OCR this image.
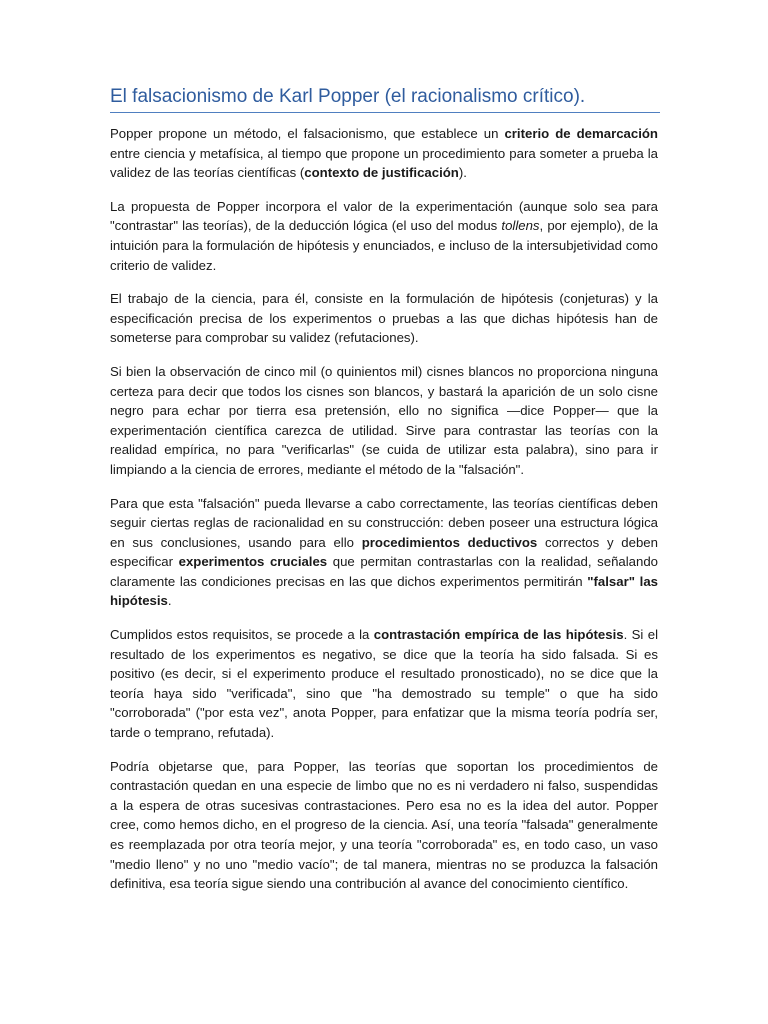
El falsacionismo de Karl Popper (el racionalismo crítico).

Popper propone un método, el falsacionismo, que establece un criterio de demarcación entre ciencia y metafísica, al tiempo que propone un procedimiento para someter a prueba la validez de las teorías científicas (contexto de justificación).

La propuesta de Popper incorpora el valor de la experimentación (aunque solo sea para "contrastar" las teorías), de la deducción lógica (el uso del modus tollens, por ejemplo), de la intuición para la formulación de hipótesis y enunciados, e incluso de la intersubjetividad como criterio de validez.

El trabajo de la ciencia, para él, consiste en la formulación de hipótesis (conjeturas) y la especificación precisa de los experimentos o pruebas a las que dichas hipótesis han de someterse para comprobar su validez (refutaciones).

Si bien la observación de cinco mil (o quinientos mil) cisnes blancos no proporciona ninguna certeza para decir que todos los cisnes son blancos, y bastará la aparición de un solo cisne negro para echar por tierra esa pretensión, ello no significa —dice Popper— que la experimentación científica carezca de utilidad. Sirve para contrastar las teorías con la realidad empírica, no para "verificarlas" (se cuida de utilizar esta palabra), sino para ir limpiando a la ciencia de errores, mediante el método de la "falsación".

Para que esta "falsación" pueda llevarse a cabo correctamente, las teorías científicas deben seguir ciertas reglas de racionalidad en su construcción: deben poseer una estructura lógica en sus conclusiones, usando para ello procedimientos deductivos correctos y deben especificar experimentos cruciales que permitan contrastarlas con la realidad, señalando claramente las condiciones precisas en las que dichos experimentos permitirán "falsar" las hipótesis.

Cumplidos estos requisitos, se procede a la contrastación empírica de las hipótesis. Si el resultado de los experimentos es negativo, se dice que la teoría ha sido falsada. Si es positivo (es decir, si el experimento produce el resultado pronosticado), no se dice que la teoría haya sido "verificada", sino que "ha demostrado su temple" o que ha sido "corroborada" ("por esta vez", anota Popper, para enfatizar que la misma teoría podría ser, tarde o temprano, refutada).

Podría objetarse que, para Popper, las teorías que soportan los procedimientos de contrastación quedan en una especie de limbo que no es ni verdadero ni falso, suspendidas a la espera de otras sucesivas contrastaciones. Pero esa no es la idea del autor. Popper cree, como hemos dicho, en el progreso de la ciencia. Así, una teoría "falsada" generalmente es reemplazada por otra teoría mejor, y una teoría "corroborada" es, en todo caso, un vaso "medio lleno" y no uno "medio vacío"; de tal manera, mientras no se produzca la falsación definitiva, esa teoría sigue siendo una contribución al avance del conocimiento científico.
